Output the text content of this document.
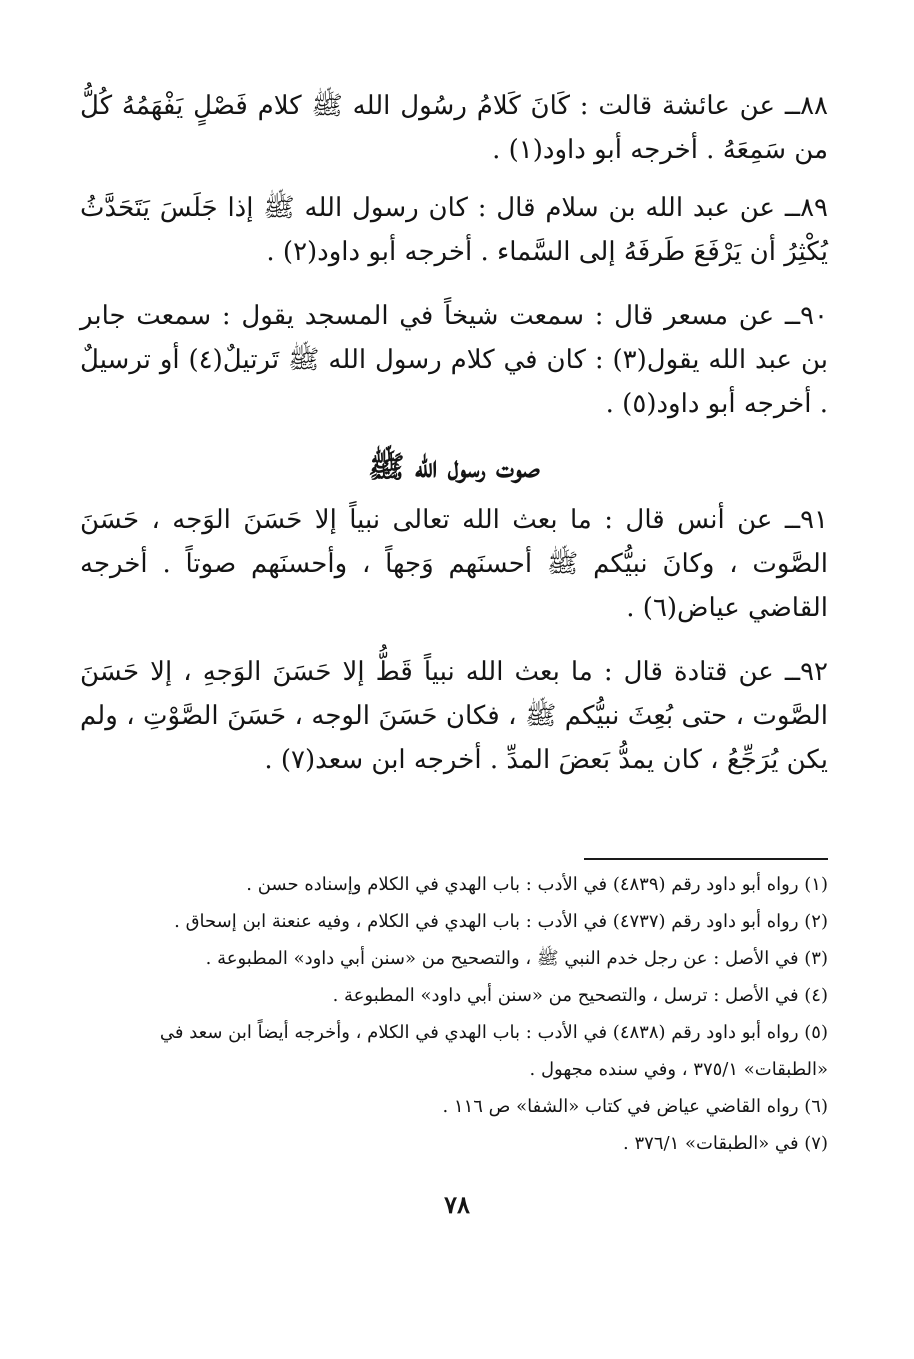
٨٨ــ عن عائشة قالت : كَانَ كَلامُ رسُول الله ﷺ كلام فَصْلٍ يَفْهَمُهُ كُلُّ من سَمِعَهُ . أخرجه أبو داود(١) .

٨٩ــ عن عبد الله بن سلام قال : كان رسول الله ﷺ إذا جَلَسَ يَتَحَدَّثُ يُكْثِرُ أن يَرْفَعَ طَرفَهُ إلى السَّماء . أخرجه أبو داود(٢) .

٩٠ــ عن مسعر قال : سمعت شيخاً في المسجد يقول : سمعت جابر بن عبد الله يقول(٣) : كان في كلام رسول الله ﷺ تَرتيلٌ(٤) أو ترسيلٌ . أخرجه أبو داود(٥) .

صوت رسول الله ﷺ

٩١ــ عن أنس قال : ما بعث الله تعالى نبياً إلا حَسَنَ الوَجه ، حَسَنَ الصَّوت ، وكانَ نبيُّكم ﷺ أحسنَهم وَجهاً ، وأحسنَهم صوتاً . أخرجه القاضي عياض(٦) .

٩٢ــ عن قتادة قال : ما بعث الله نبياً قَطُّ إلا حَسَنَ الوَجهِ ، إلا حَسَنَ الصَّوت ، حتى بُعِثَ نبيُّكم ﷺ ، فكان حَسَنَ الوجه ، حَسَنَ الصَّوْتِ ، ولم يكن يُرَجِّعُ ، كان يمدُّ بَعضَ المدِّ . أخرجه ابن سعد(٧) .

(١) رواه أبو داود رقم (٤٨٣٩) في الأدب : باب الهدي في الكلام وإسناده حسن .
(٢) رواه أبو داود رقم (٤٧٣٧) في الأدب : باب الهدي في الكلام ، وفيه عنعنة ابن إسحاق .
(٣) في الأصل : عن رجل خدم النبي ﷺ ، والتصحيح من «سنن أبي داود» المطبوعة .
(٤) في الأصل : ترسل ، والتصحيح من «سنن أبي داود» المطبوعة .
(٥) رواه أبو داود رقم (٤٨٣٨) في الأدب : باب الهدي في الكلام ، وأخرجه أيضاً ابن سعد في «الطبقات» ٣٧٥/١ ، وفي سنده مجهول .
(٦) رواه القاضي عياض في كتاب «الشفا» ص ١١٦ .
(٧) في «الطبقات» ٣٧٦/١ .
٧٨
